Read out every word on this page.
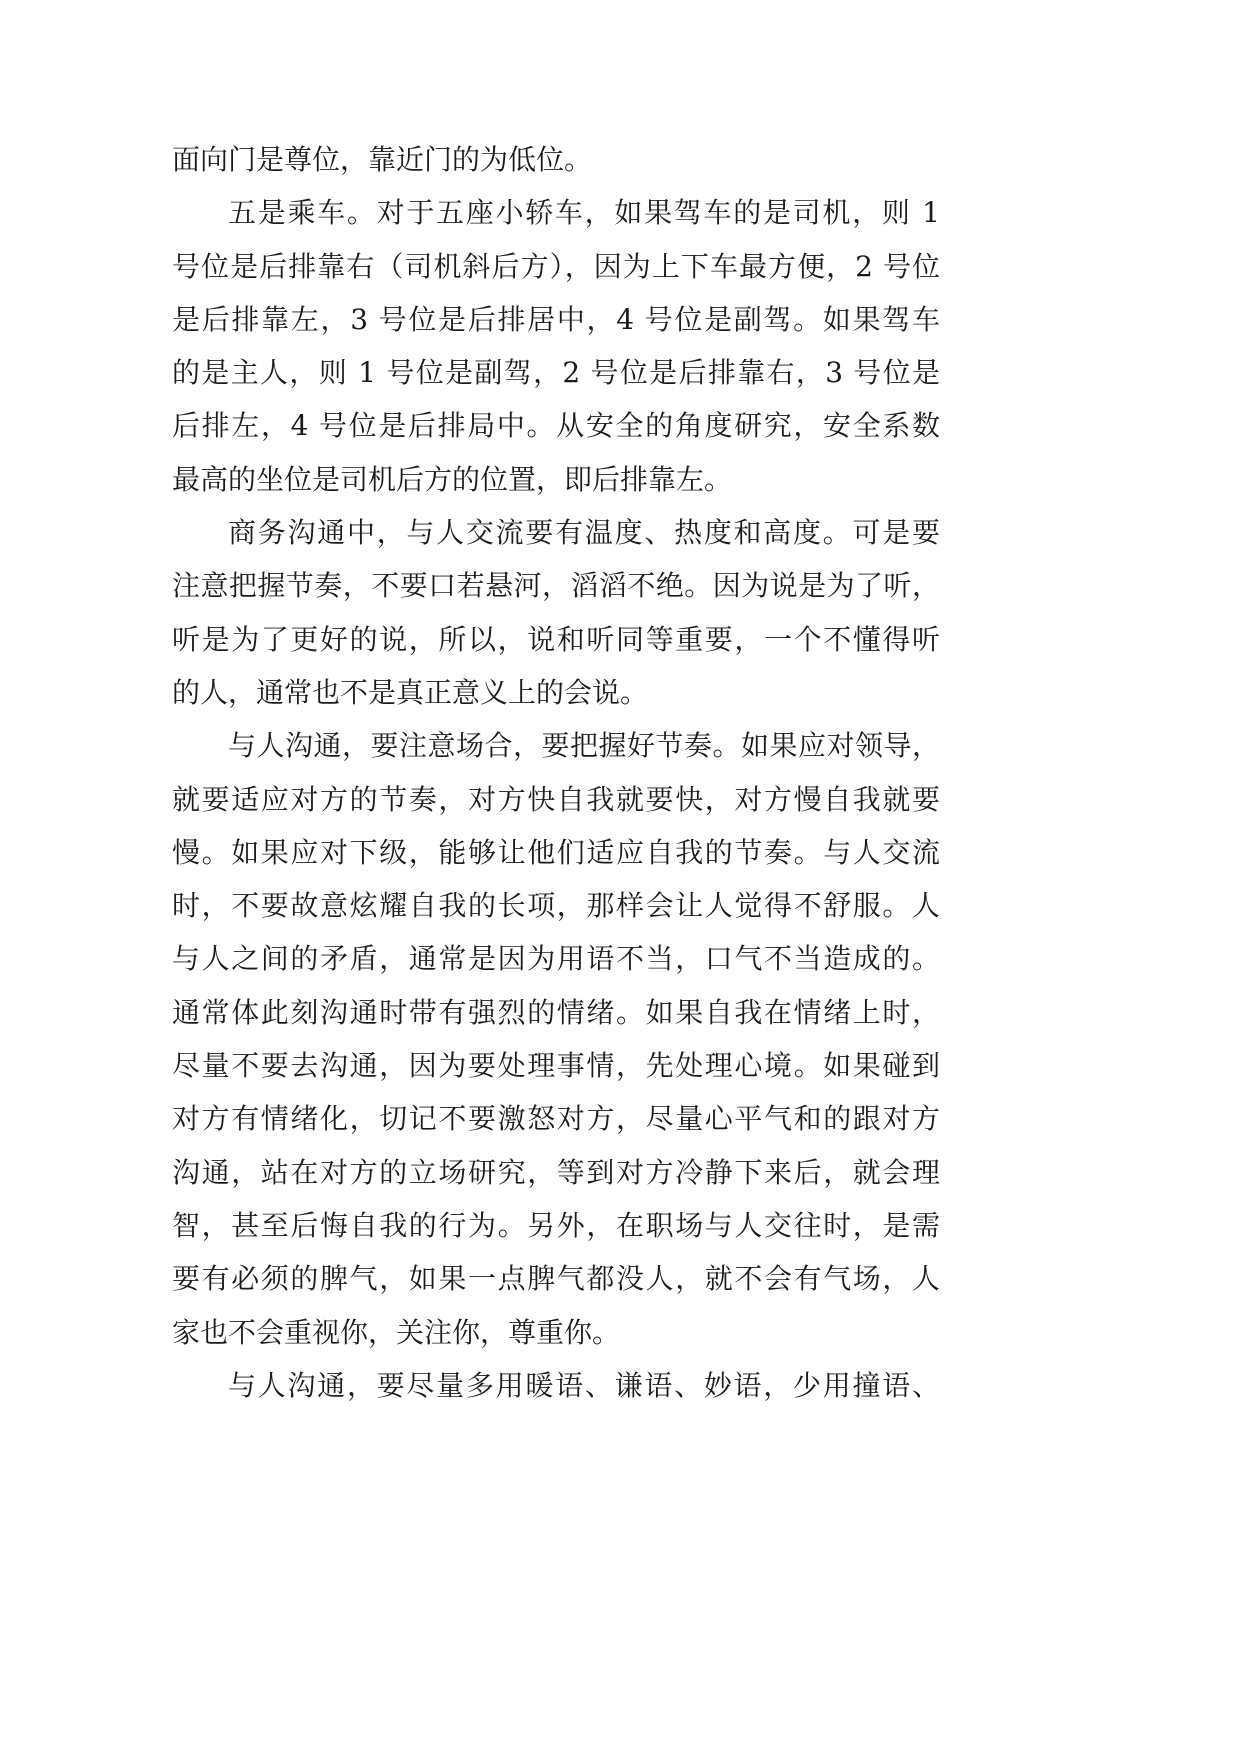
面向门是尊位，靠近门的为低位。
五是乘车。对于五座小轿车，如果驾车的是司机，则 1
号位是后排靠右（司机斜后方），因为上下车最方便，2 号位
是后排靠左，3 号位是后排居中，4 号位是副驾。如果驾车
的是主人，则 1 号位是副驾，2 号位是后排靠右，3 号位是
后排左，4 号位是后排局中。从安全的角度研究，安全系数
最高的坐位是司机后方的位置，即后排靠左。
商务沟通中，与人交流要有温度、热度和高度。可是要
注意把握节奏，不要口若悬河，滔滔不绝。因为说是为了听，
听是为了更好的说，所以，说和听同等重要，一个不懂得听
的人，通常也不是真正意义上的会说。
与人沟通，要注意场合，要把握好节奏。如果应对领导，
就要适应对方的节奏，对方快自我就要快，对方慢自我就要
慢。如果应对下级，能够让他们适应自我的节奏。与人交流
时，不要故意炫耀自我的长项，那样会让人觉得不舒服。人
与人之间的矛盾，通常是因为用语不当，口气不当造成的。
通常体此刻沟通时带有强烈的情绪。如果自我在情绪上时，
尽量不要去沟通，因为要处理事情，先处理心境。如果碰到
对方有情绪化，切记不要激怒对方，尽量心平气和的跟对方
沟通，站在对方的立场研究，等到对方冷静下来后，就会理
智，甚至后悔自我的行为。另外，在职场与人交往时，是需
要有必须的脾气，如果一点脾气都没人，就不会有气场，人
家也不会重视你，关注你，尊重你。
与人沟通，要尽量多用暖语、谦语、妙语，少用撞语、
